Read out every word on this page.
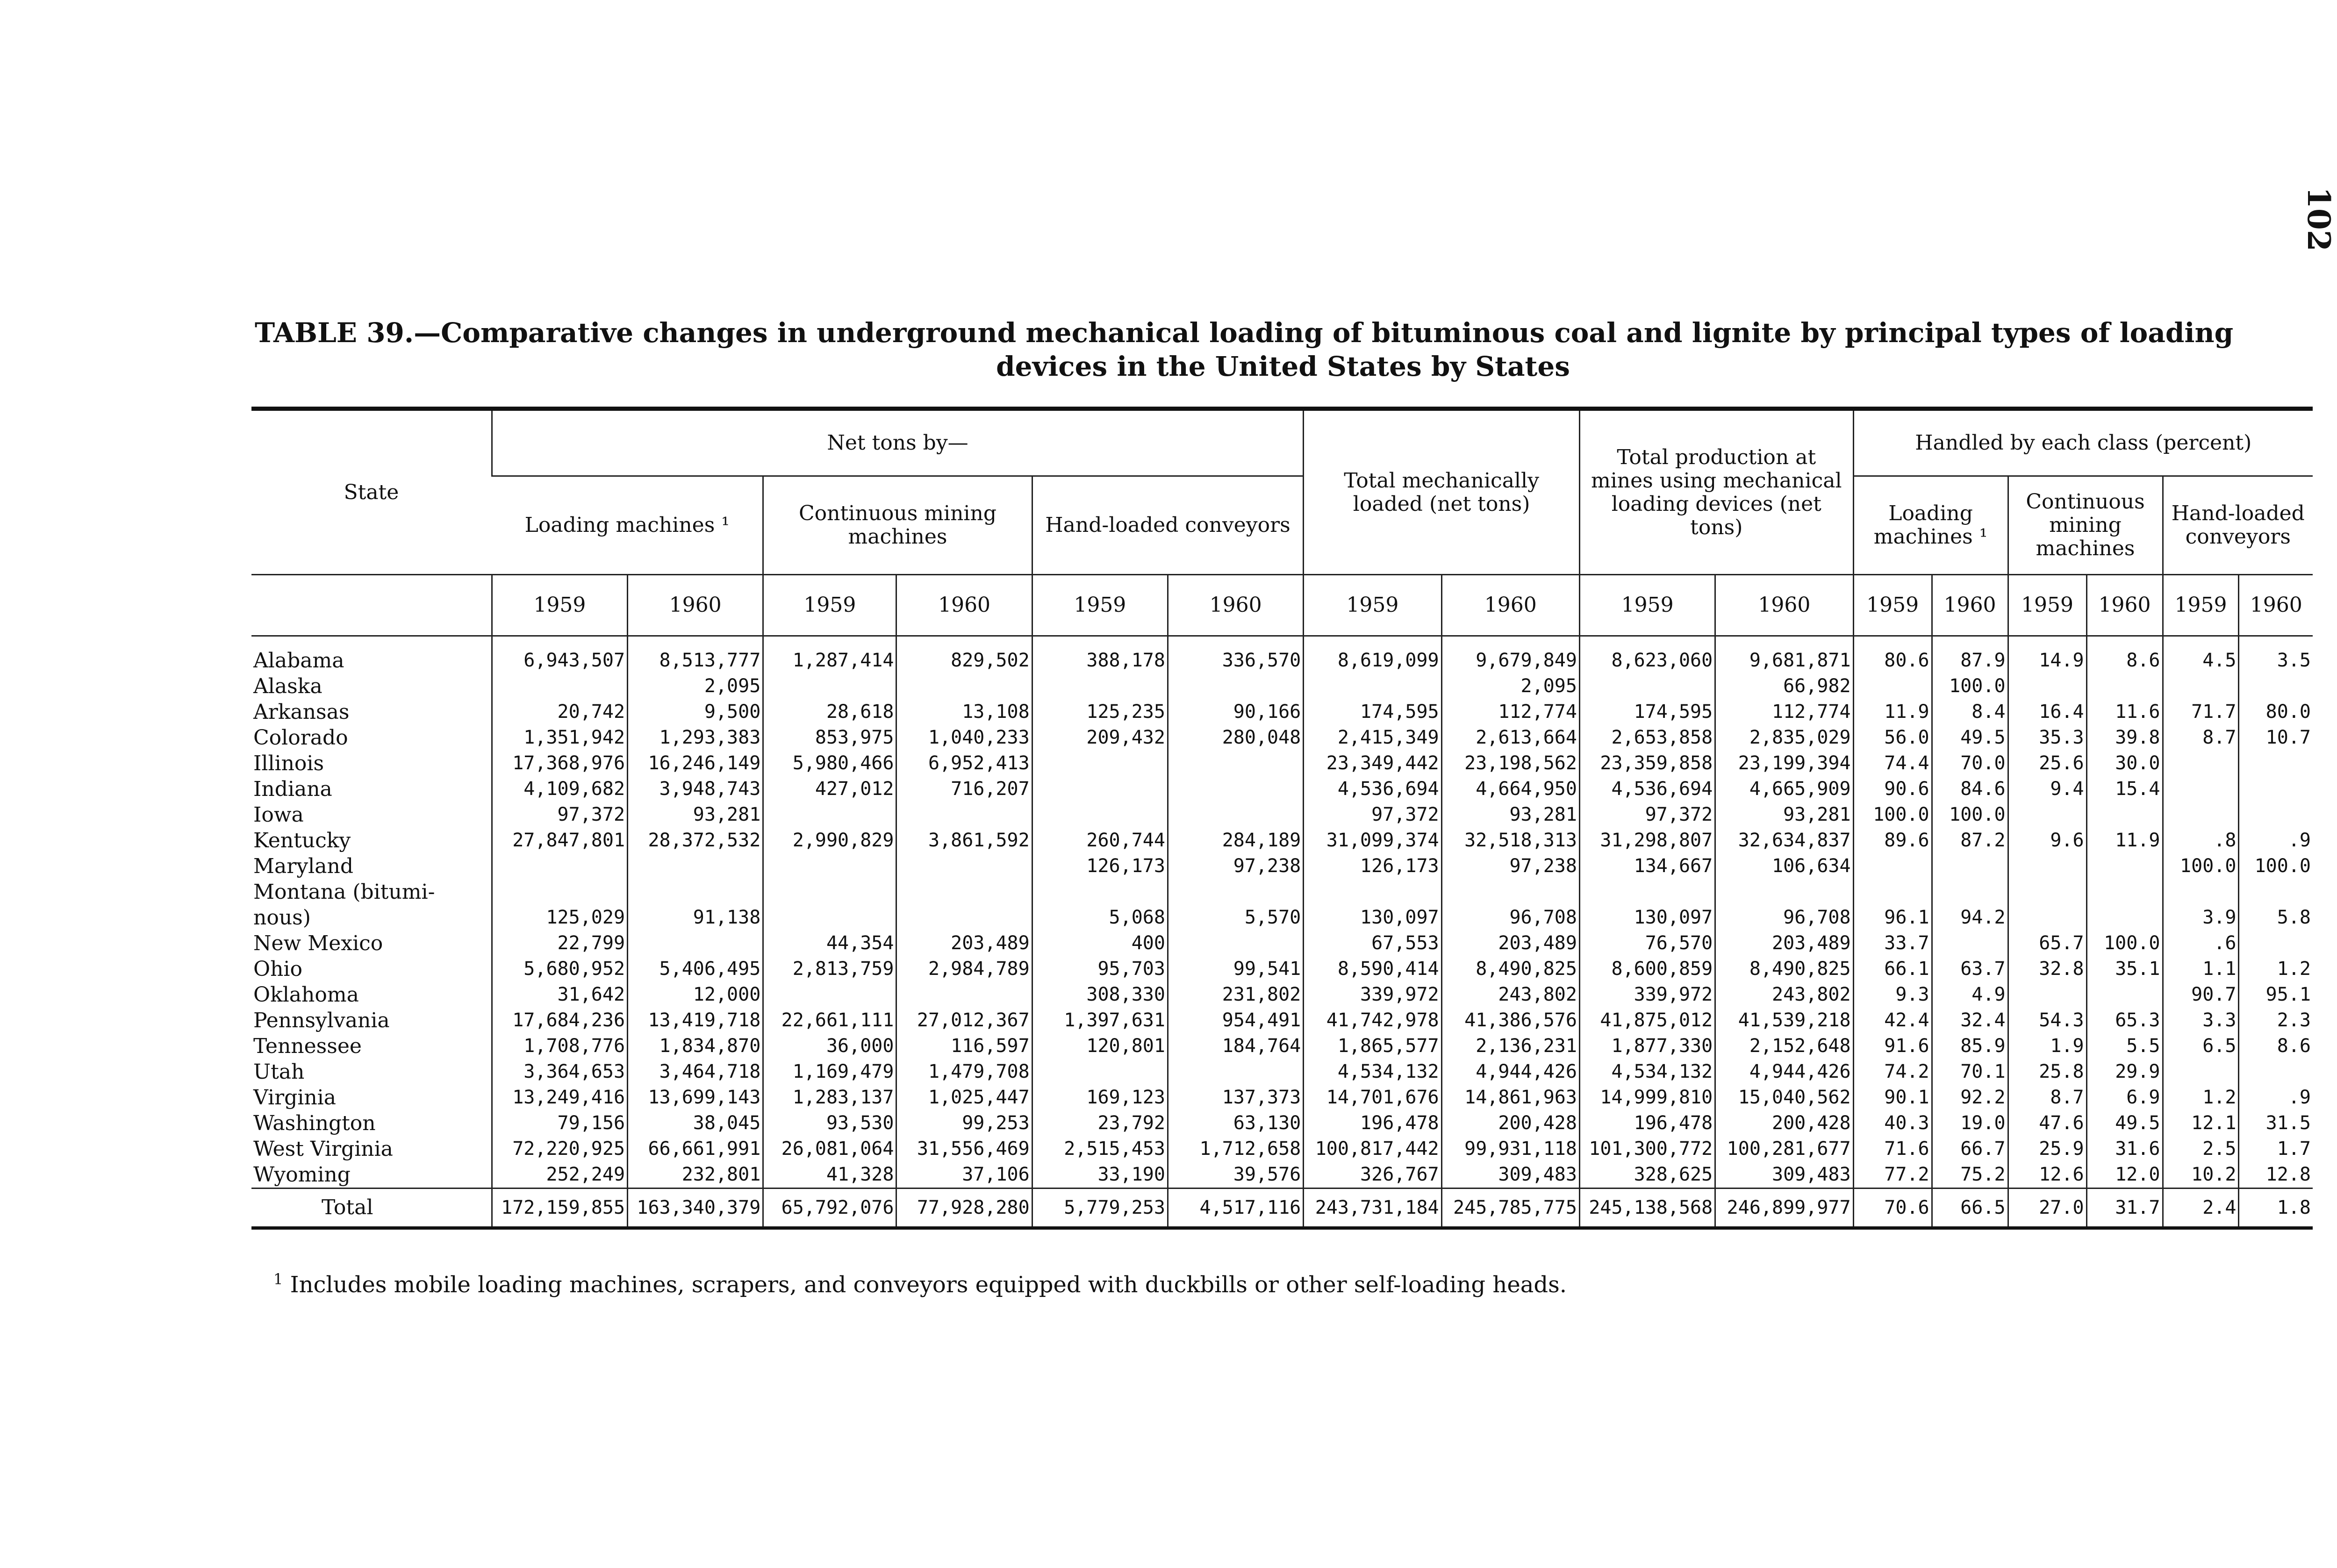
102
TABLE 39.—Comparative changes in underground mechanical loading of bituminous coal and lignite by principal types of loading
devices in the United States by States
State	Net tons by—						Total mechanically loaded (net tons)		Total production at mines using mechanical loading devices (net tons)		Handled by each class (percent)					
	Loading machines ¹		Continuous mining machines		Hand-loaded conveyors						Loading machines ¹		Continuous mining machines		Hand-loaded conveyors	
	1959	1960	1959	1960	1959	1960	1959	1960	1959	1960	1959	1960	1959	1960	1959	1960
Alabama	6,943,507	8,513,777	1,287,414	829,502	388,178	336,570	8,619,099	9,679,849	8,623,060	9,681,871	80.6	87.9	14.9	8.6	4.5	3.5
Alaska		2,095						2,095		66,982		100.0				
Arkansas	20,742	9,500	28,618	13,108	125,235	90,166	174,595	112,774	174,595	112,774	11.9	8.4	16.4	11.6	71.7	80.0
Colorado	1,351,942	1,293,383	853,975	1,040,233	209,432	280,048	2,415,349	2,613,664	2,653,858	2,835,029	56.0	49.5	35.3	39.8	8.7	10.7
Illinois	17,368,976	16,246,149	5,980,466	6,952,413			23,349,442	23,198,562	23,359,858	23,199,394	74.4	70.0	25.6	30.0		
Indiana	4,109,682	3,948,743	427,012	716,207			4,536,694	4,664,950	4,536,694	4,665,909	90.6	84.6	9.4	15.4		
Iowa	97,372	93,281					97,372	93,281	97,372	93,281	100.0	100.0				
Kentucky	27,847,801	28,372,532	2,990,829	3,861,592	260,744	284,189	31,099,374	32,518,313	31,298,807	32,634,837	89.6	87.2	9.6	11.9	.8	.9
Maryland					126,173	97,238	126,173	97,238	134,667	106,634					100.0	100.0
Montana (bitumi-																
nous)	125,029	91,138			5,068	5,570	130,097	96,708	130,097	96,708	96.1	94.2			3.9	5.8
New Mexico	22,799		44,354	203,489	400		67,553	203,489	76,570	203,489	33.7		65.7	100.0	.6	
Ohio	5,680,952	5,406,495	2,813,759	2,984,789	95,703	99,541	8,590,414	8,490,825	8,600,859	8,490,825	66.1	63.7	32.8	35.1	1.1	1.2
Oklahoma	31,642	12,000			308,330	231,802	339,972	243,802	339,972	243,802	9.3	4.9			90.7	95.1
Pennsylvania	17,684,236	13,419,718	22,661,111	27,012,367	1,397,631	954,491	41,742,978	41,386,576	41,875,012	41,539,218	42.4	32.4	54.3	65.3	3.3	2.3
Tennessee	1,708,776	1,834,870	36,000	116,597	120,801	184,764	1,865,577	2,136,231	1,877,330	2,152,648	91.6	85.9	1.9	5.5	6.5	8.6
Utah	3,364,653	3,464,718	1,169,479	1,479,708			4,534,132	4,944,426	4,534,132	4,944,426	74.2	70.1	25.8	29.9		
Virginia	13,249,416	13,699,143	1,283,137	1,025,447	169,123	137,373	14,701,676	14,861,963	14,999,810	15,040,562	90.1	92.2	8.7	6.9	1.2	.9
Washington	79,156	38,045	93,530	99,253	23,792	63,130	196,478	200,428	196,478	200,428	40.3	19.0	47.6	49.5	12.1	31.5
West Virginia	72,220,925	66,661,991	26,081,064	31,556,469	2,515,453	1,712,658	100,817,442	99,931,118	101,300,772	100,281,677	71.6	66.7	25.9	31.6	2.5	1.7
Wyoming	252,249	232,801	41,328	37,106	33,190	39,576	326,767	309,483	328,625	309,483	77.2	75.2	12.6	12.0	10.2	12.8
Total	172,159,855	163,340,379	65,792,076	77,928,280	5,779,253	4,517,116	243,731,184	245,785,775	245,138,568	246,899,977	70.6	66.5	27.0	31.7	2.4	1.8
$^1$ Includes mobile loading machines, scrapers, and conveyors equipped with duckbills or other self-loading heads.
